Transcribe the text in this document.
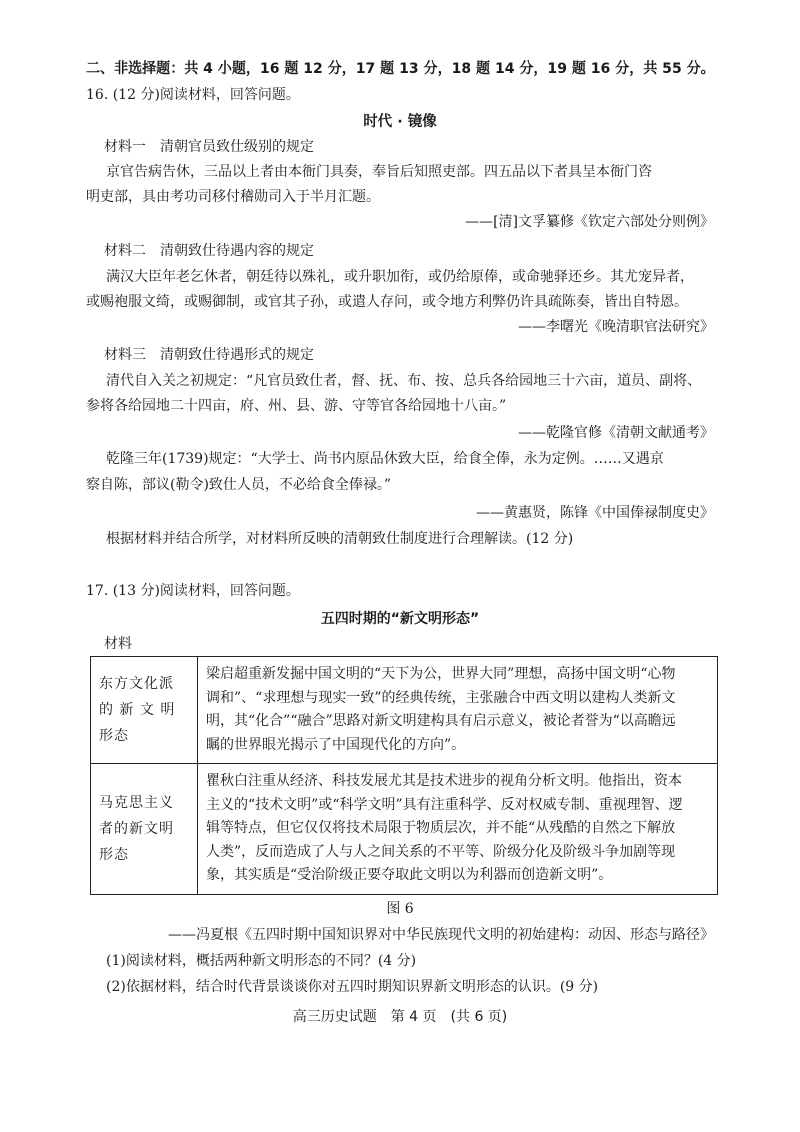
二、非选择题：共 4 小题，16 题 12 分，17 题 13 分，18 题 14 分，19 题 16 分，共 55 分。
16. (12 分)阅读材料，回答问题。
时代 · 镜像
材料一　清朝官员致仕级别的规定
京官告病告休，三品以上者由本衙门具奏，奉旨后知照吏部。四五品以下者具呈本衙门咨
明吏部，具由考功司移付稽勋司入于半月汇题。
——[清]文孚纂修《钦定六部处分则例》
材料二　清朝致仕待遇内容的规定
满汉大臣年老乞休者，朝廷待以殊礼，或升职加衔，或仍给原俸，或命驰驿还乡。其尤宠异者，
或赐袍服文绮，或赐御制，或官其子孙，或遣人存问，或令地方利弊仍许具疏陈奏，皆出自特恩。
——李曙光《晚清职官法研究》
材料三　清朝致仕待遇形式的规定
清代自入关之初规定：“凡官员致仕者，督、抚、布、按、总兵各给园地三十六亩，道员、副将、
参将各给园地二十四亩，府、州、县、游、守等官各给园地十八亩。”
——乾隆官修《清朝文献通考》
乾隆三年(1739)规定：“大学士、尚书内原品休致大臣，给食全俸，永为定例。……又遇京
察自陈，部议(勒令)致仕人员，不必给食全俸禄。”
——黄惠贤，陈锋《中国俸禄制度史》
根据材料并结合所学，对材料所反映的清朝致仕制度进行合理解读。(12 分)
17. (13 分)阅读材料，回答问题。
五四时期的“新文明形态”
材料
东方文化派
的 新 文 明
形态	梁启超重新发掘中国文明的“天下为公，世界大同”理想，高扬中国文明“心物
调和”、“求理想与现实一致”的经典传统，主张融合中西文明以建构人类新文
明，其“化合”“融合”思路对新文明建构具有启示意义，被论者誉为“以高瞻远
瞩的世界眼光揭示了中国现代化的方向”。

马克思主义
者的新文明
形态	瞿秋白注重从经济、科技发展尤其是技术进步的视角分析文明。他指出，资本
主义的“技术文明”或“科学文明”具有注重科学、反对权威专制、重视理智、逻
辑等特点，但它仅仅将技术局限于物质层次，并不能“从残酷的自然之下解放
人类”，反而造成了人与人之间关系的不平等、阶级分化及阶级斗争加剧等现
象，其实质是“受治阶级正要夺取此文明以为利器而创造新文明”。
图 6
——冯夏根《五四时期中国知识界对中华民族现代文明的初始建构：动因、形态与路径》
(1)阅读材料，概括两种新文明形态的不同？(4 分)
(2)依据材料，结合时代背景谈谈你对五四时期知识界新文明形态的认识。(9 分)
高三历史试题　第 4 页　(共 6 页)
